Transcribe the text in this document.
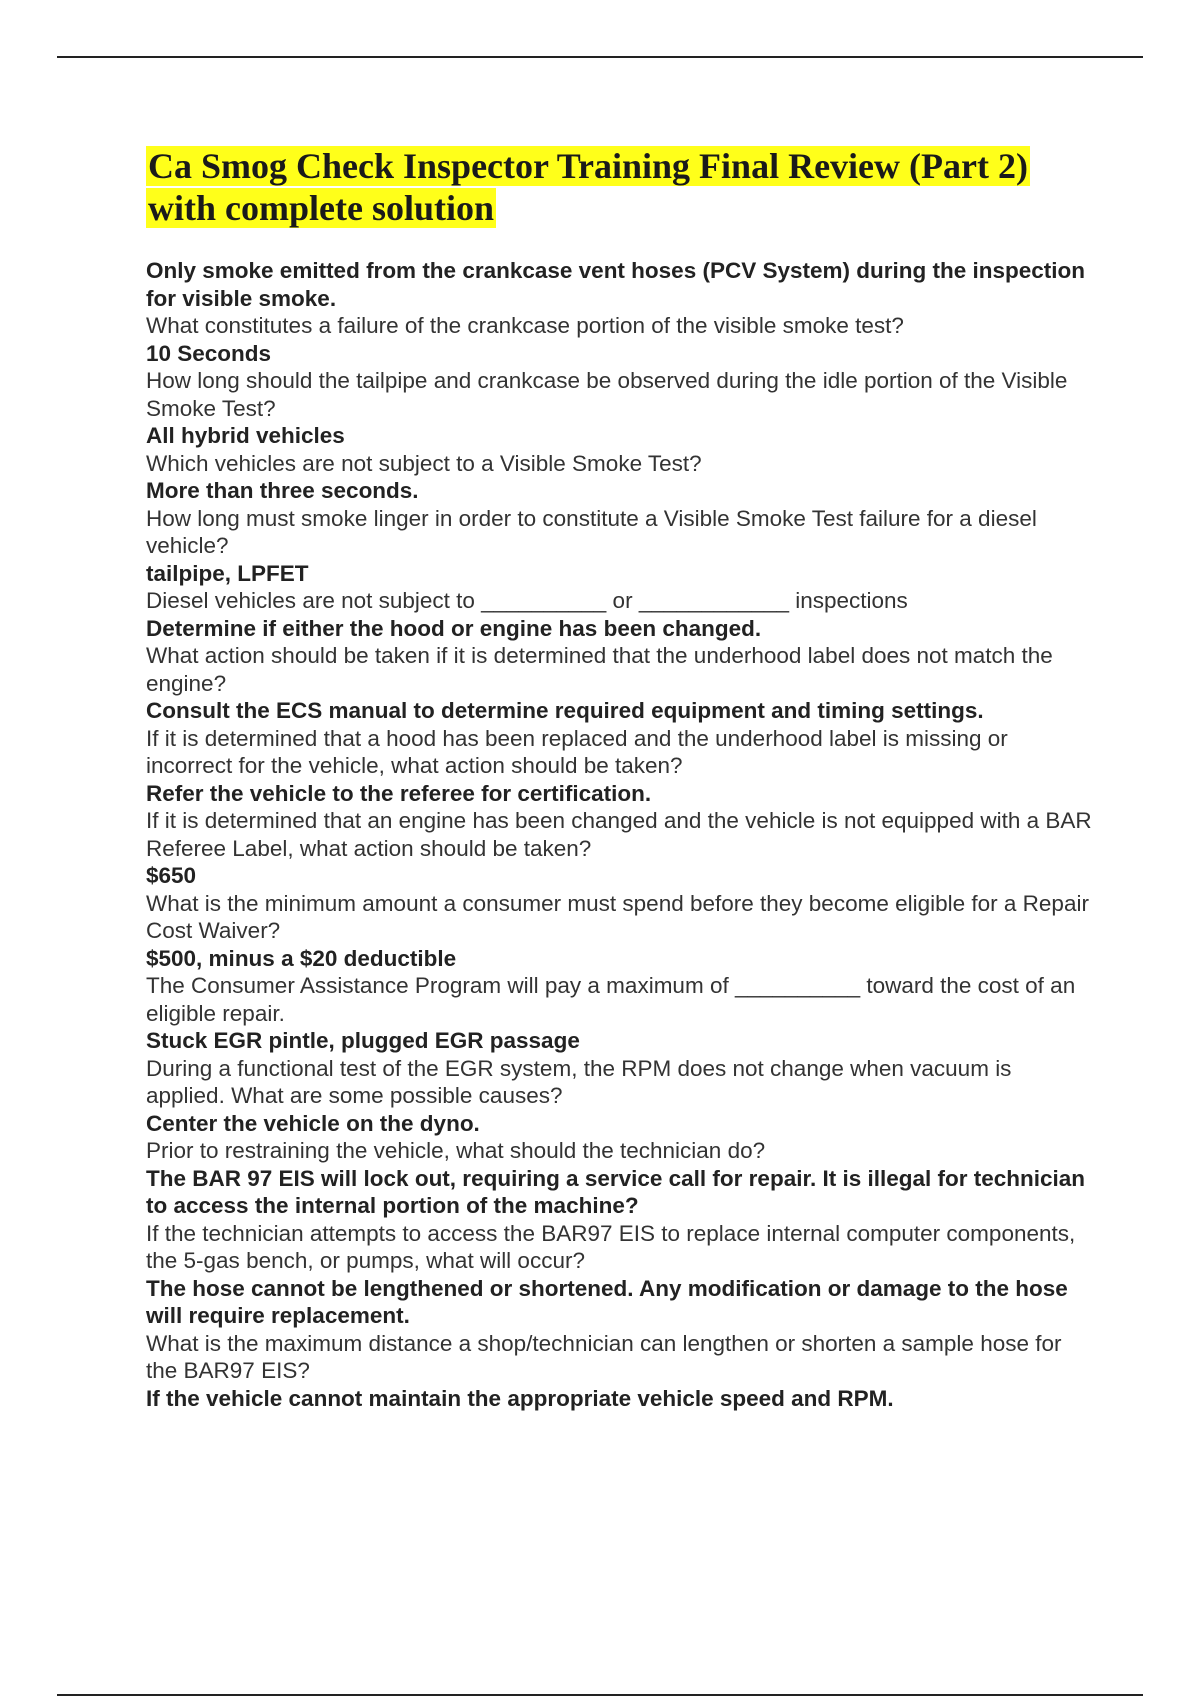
Ca Smog Check Inspector Training Final Review (Part 2) with complete solution

Only smoke emitted from the crankcase vent hoses (PCV System) during the inspection for visible smoke.

What constitutes a failure of the crankcase portion of the visible smoke test?

10 Seconds

How long should the tailpipe and crankcase be observed during the idle portion of the Visible Smoke Test?

All hybrid vehicles

Which vehicles are not subject to a Visible Smoke Test?

More than three seconds.

How long must smoke linger in order to constitute a Visible Smoke Test failure for a diesel vehicle?

tailpipe, LPFET

Diesel vehicles are not subject to __________ or ____________ inspections

Determine if either the hood or engine has been changed.

What action should be taken if it is determined that the underhood label does not match the engine?

Consult the ECS manual to determine required equipment and timing settings.

If it is determined that a hood has been replaced and the underhood label is missing or incorrect for the vehicle, what action should be taken?

Refer the vehicle to the referee for certification.

If it is determined that an engine has been changed and the vehicle is not equipped with a BAR Referee Label, what action should be taken?

$650

What is the minimum amount a consumer must spend before they become eligible for a Repair Cost Waiver?

$500, minus a $20 deductible

The Consumer Assistance Program will pay a maximum of __________ toward the cost of an eligible repair.

Stuck EGR pintle, plugged EGR passage

During a functional test of the EGR system, the RPM does not change when vacuum is applied. What are some possible causes?

Center the vehicle on the dyno.

Prior to restraining the vehicle, what should the technician do?

The BAR 97 EIS will lock out, requiring a service call for repair. It is illegal for technician to access the internal portion of the machine?

If the technician attempts to access the BAR97 EIS to replace internal computer components, the 5-gas bench, or pumps, what will occur?

The hose cannot be lengthened or shortened. Any modification or damage to the hose will require replacement.

What is the maximum distance a shop/technician can lengthen or shorten a sample hose for the BAR97 EIS?

If the vehicle cannot maintain the appropriate vehicle speed and RPM.
